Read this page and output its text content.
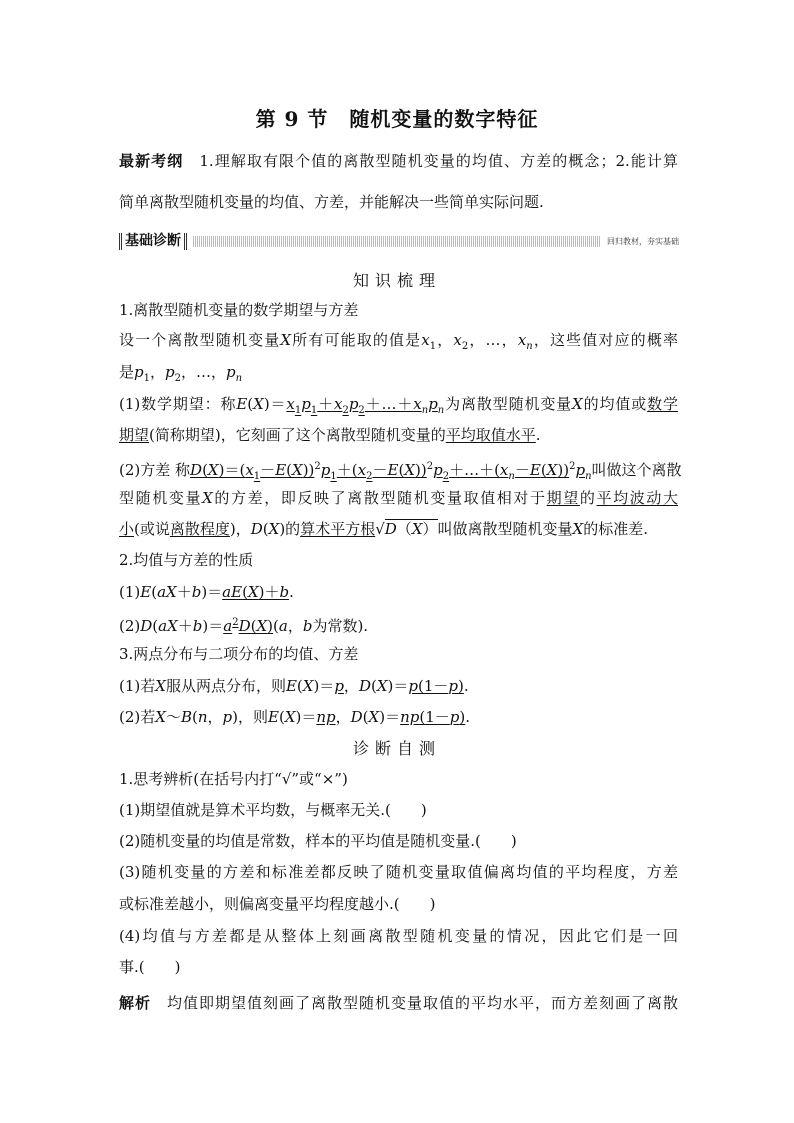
第 9 节　随机变量的数字特征
最新考纲　 1.理解取有限个值的离散型随机变量的均值、方差的概念；2.能计算
简单离散型随机变量的均值、方差，并能解决一些简单实际问题.
基础诊断	回归教材，夯实基础
知识梳理
1.离散型随机变量的数学期望与方差
设一个离散型随机变量X所有可能取的值是$x_1$，$x_2$，…，$x_n$，这些值对应的概率
是$p_1$，$p_2$，…，$p_n$
(1)数学期望：称$E(X)=x_1p_1+x_2p_2+\dots+x_np_n$为离散型随机变量X的均值或数学
期望(简称期望)，它刻画了这个离散型随机变量的平均取值水平.
(2)方差 称$D(X)=(x_1-E(X))^2p_1+(x_2-E(X))^2p_2+\dots+(x_n-E(X))^2p_n$叫做这个离散
型随机变量X的方差，即反映了离散型随机变量取值相对于期望的平均波动大
小(或说离散程度)，D(X)的算术平方根√D（X）叫做离散型随机变量X的标准差.
2.均值与方差的性质
(1)E(aX＋b)＝aE(X)＋b.
$(2)D(aX+b)=a^2D(X)(a$，b为常数).
3.两点分布与二项分布的均值、方差
(1)若X服从两点分布，则E(X)＝p，D(X)＝p(1－p).
(2)若X～B(n，p)，则E(X)＝np，D(X)＝np(1－p).
诊断自测
1.思考辨析(在括号内打“√”或“×”)
(1)期望值就是算术平均数，与概率无关.(　　)
(2)随机变量的均值是常数，样本的平均值是随机变量.(　　)
(3)随机变量的方差和标准差都反映了随机变量取值偏离均值的平均程度，方差
或标准差越小，则偏离变量平均程度越小.(　　)
(4)均值与方差都是从整体上刻画离散型随机变量的情况，因此它们是一回
事.(　　)
解析　 均值即期望值刻画了离散型随机变量取值的平均水平，而方差刻画了离散
